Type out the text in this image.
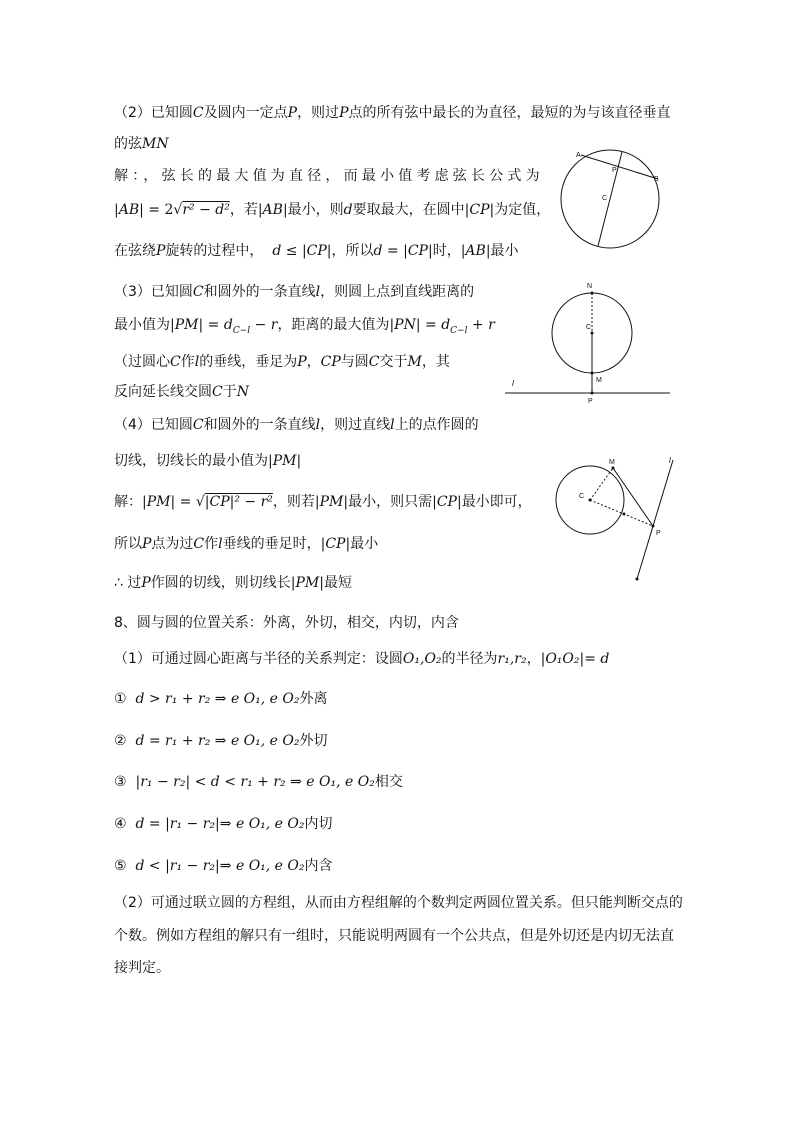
（2）已知圆C及圆内一定点P，则过P点的所有弦中最长的为直径，最短的为与该直径垂直
的弦MN
解：，弦长的最大值为直径，而最小值考虑弦长公式为
|AB| = 2√r² − d²，若|AB|最小，则d要取最大，在圆中|CP|为定值，
在弦绕P旋转的过程中， d ≤ |CP|，所以d = |CP|时，|AB|最小
A
P
B
C
（3）已知圆C和圆外的一条直线l，则圆上点到直线距离的
最小值为$|PM| = d_{C-l} - r$，距离的最大值为$|PN| = d_{C-l} + r$
（过圆心C作l的垂线，垂足为P，CP与圆C交于M，其
反向延长线交圆C于N
N
C
M
l
P
（4）已知圆C和圆外的一条直线l，则过直线l上的点作圆的
切线，切线长的最小值为|PM|
解：|PM| = √|CP|² − r²，则若|PM|最小，则只需|CP|最小即可，
所以P点为过C作l垂线的垂足时，|CP|最小
∴ 过P作圆的切线，则切线长|PM|最短
M
C
P
l
8、圆与圆的位置关系：外离，外切，相交，内切，内含
（1）可通过圆心距离与半径的关系判定：设圆O₁,O₂的半径为r₁,r₂，|O₁O₂|= d
① d > r₁ + r₂ ⇒ e O₁, e O₂外离
② d = r₁ + r₂ ⇒ e O₁, e O₂外切
③ |r₁ − r₂| < d < r₁ + r₂ ⇒ e O₁, e O₂相交
④ d = |r₁ − r₂|⇒ e O₁, e O₂内切
⑤ d < |r₁ − r₂|⇒ e O₁, e O₂内含
（2）可通过联立圆的方程组，从而由方程组解的个数判定两圆位置关系。但只能判断交点的
个数。例如方程组的解只有一组时，只能说明两圆有一个公共点，但是外切还是内切无法直
接判定。
